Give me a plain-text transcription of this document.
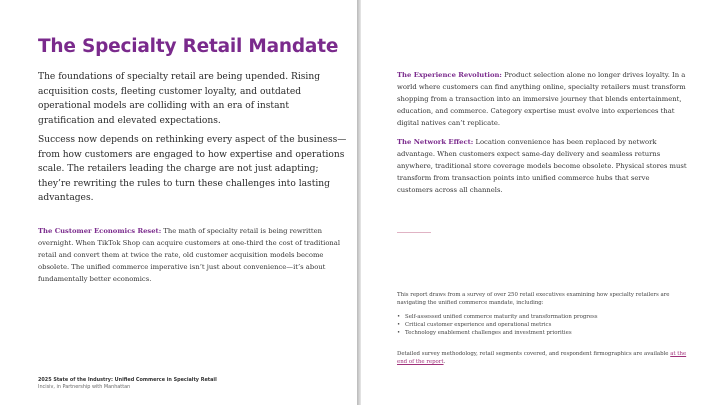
The Specialty Retail Mandate

The foundations of specialty retail are being upended. Rising acquisition costs, fleeting customer loyalty, and outdated operational models are colliding with an era of instant gratification and elevated expectations.

Success now depends on rethinking every aspect of the business—from how customers are engaged to how expertise and operations scale. The retailers leading the charge are not just adapting; they’re rewriting the rules to turn these challenges into lasting advantages.

The Customer Economics Reset: The math of specialty retail is being rewritten overnight. When TikTok Shop can acquire customers at one-third the cost of traditional retail and convert them at twice the rate, old customer acquisition models become obsolete. The unified commerce imperative isn’t just about convenience—it’s about fundamentally better economics.

2025 State of the Industry: Unified Commerce in Specialty Retail

Incisiv, in Partnership with Manhattan

The Experience Revolution: Product selection alone no longer drives loyalty. In a world where customers can find anything online, specialty retailers must transform shopping from a transaction into an immersive journey that blends entertainment, education, and commerce. Category expertise must evolve into experiences that digital natives can’t replicate.

The Network Effect: Location convenience has been replaced by network advantage. When customers expect same-day delivery and seamless returns anywhere, traditional store coverage models become obsolete. Physical stores must transform from transaction points into unified commerce hubs that serve customers across all channels.

This report draws from a survey of over 250 retail executives examining how specialty retailers are navigating the unified commerce mandate, including:

• Self-assessed unified commerce maturity and transformation progress
• Critical customer experience and operational metrics
• Technology enablement challenges and investment priorities

Detailed survey methodology, retail segments covered, and respondent firmographics are available at the end of the report.
